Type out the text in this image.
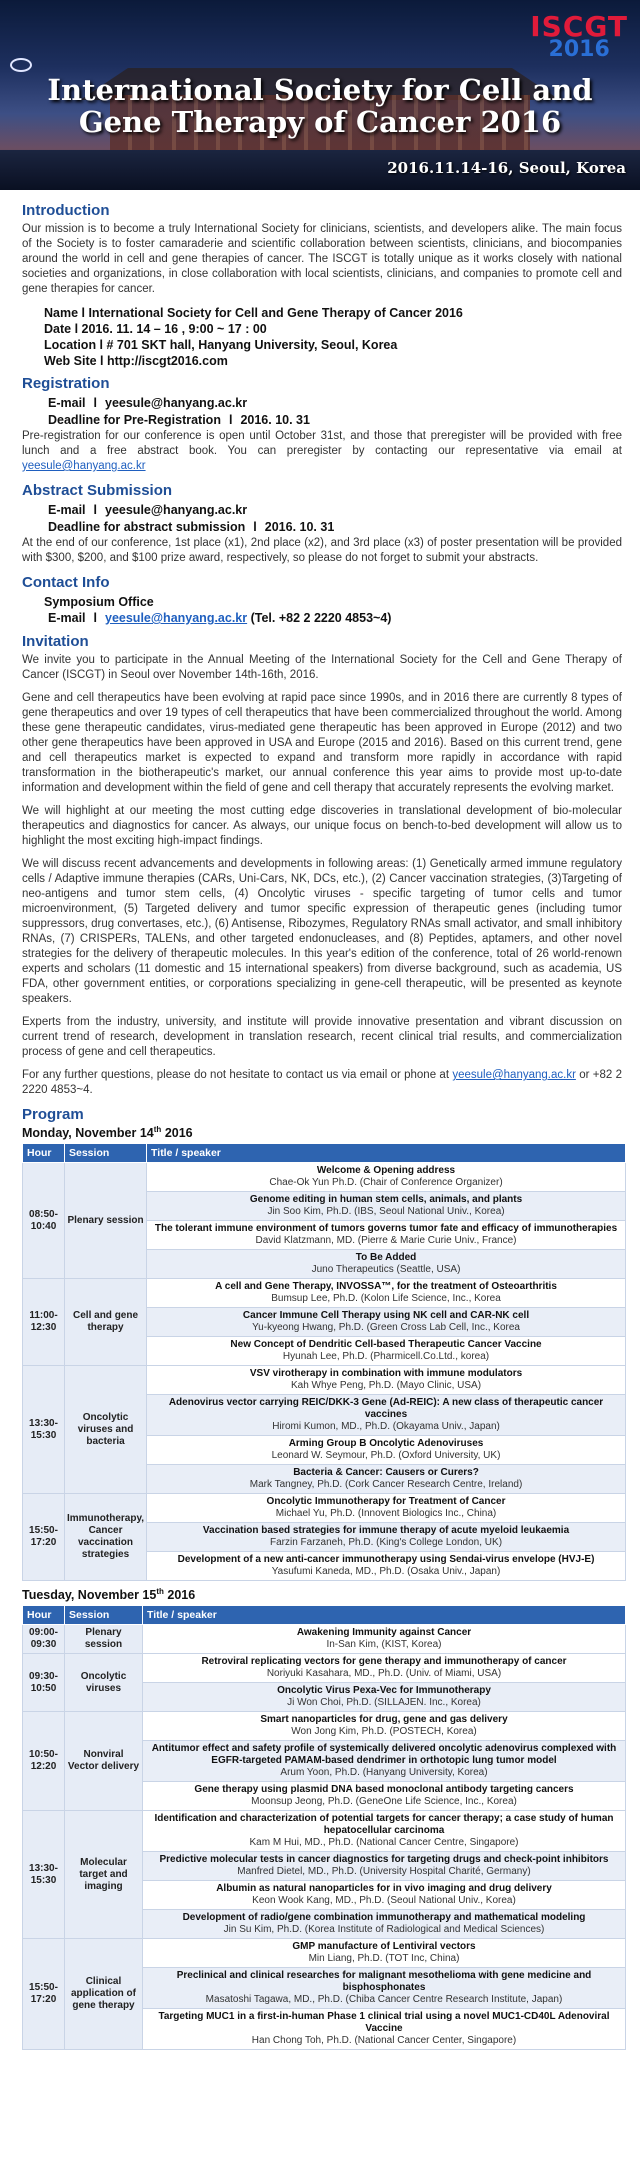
ISCGT
2016
International Society for Cell and
Gene Therapy of Cancer 2016
2016.11.14-16, Seoul, Korea
Introduction

Our mission is to become a truly International Society for clinicians, scientists, and developers alike. The main focus of the Society is to foster camaraderie and scientific collaboration between scientists, clinicians, and biocompanies around the world in cell and gene therapies of cancer. The ISCGT is totally unique as it works closely with national societies and organizations, in close collaboration with local scientists, clinicians, and companies to promote cell and gene therapies for cancer.

Name l International Society for Cell and Gene Therapy of Cancer 2016
Date l 2016. 11. 14 – 16 , 9:00 ~ 17 : 00
Location l # 701 SKT hall, Hanyang University, Seoul, Korea
Web Site l http://iscgt2016.com
Registration
E-mail l yeesule@hanyang.ac.kr
Deadline for Pre-Registration l 2016. 10. 31

Pre-registration for our conference is open until October 31st, and those that preregister will be provided with free lunch and a free abstract book. You can preregister by contacting our representative via email at yeesule@hanyang.ac.kr

Abstract Submission
E-mail l yeesule@hanyang.ac.kr
Deadline for abstract submission l 2016. 10. 31

At the end of our conference, 1st place (x1), 2nd place (x2), and 3rd place (x3) of poster presentation will be provided with $300, $200, and $100 prize award, respectively, so please do not forget to submit your abstracts.

Contact Info
Symposium Office
E-mail l yeesule@hanyang.ac.kr (Tel. +82 2 2220 4853~4)
Invitation

We invite you to participate in the Annual Meeting of the International Society for the Cell and Gene Therapy of Cancer (ISCGT) in Seoul over November 14th-16th, 2016.

Gene and cell therapeutics have been evolving at rapid pace since 1990s, and in 2016 there are currently 8 types of gene therapeutics and over 19 types of cell therapeutics that have been commercialized throughout the world. Among these gene therapeutic candidates, virus-mediated gene therapeutic has been approved in Europe (2012) and two other gene therapeutics have been approved in USA and Europe (2015 and 2016). Based on this current trend, gene and cell therapeutics market is expected to expand and transform more rapidly in accordance with rapid transformation in the biotherapeutic's market, our annual conference this year aims to provide most up-to-date information and development within the field of gene and cell therapy that accurately represents the evolving market.

We will highlight at our meeting the most cutting edge discoveries in translational development of bio-molecular therapeutics and diagnostics for cancer. As always, our unique focus on bench-to-bed development will allow us to highlight the most exciting high-impact findings.

We will discuss recent advancements and developments in following areas: (1) Genetically armed immune regulatory cells / Adaptive immune therapies (CARs, Uni-Cars, NK, DCs, etc.), (2) Cancer vaccination strategies, (3)Targeting of neo-antigens and tumor stem cells, (4) Oncolytic viruses - specific targeting of tumor cells and tumor microenvironment, (5) Targeted delivery and tumor specific expression of therapeutic genes (including tumor suppressors, drug convertases, etc.), (6) Antisense, Ribozymes, Regulatory RNAs small activator, and small inhibitory RNAs, (7) CRISPERs, TALENs, and other targeted endonucleases, and (8) Peptides, aptamers, and other novel strategies for the delivery of therapeutic molecules. In this year's edition of the conference, total of 26 world-renown experts and scholars (11 domestic and 15 international speakers) from diverse background, such as academia, US FDA, other government entities, or corporations specializing in gene-cell therapeutic, will be presented as keynote speakers.

Experts from the industry, university, and institute will provide innovative presentation and vibrant discussion on current trend of research, development in translation research, recent clinical trial results, and commercialization process of gene and cell therapeutics.

For any further questions, please do not hesitate to contact us via email or phone at yeesule@hanyang.ac.kr or +82 2 2220 4853~4.

Program
Monday, November 14th 2016
Hour	Session	Title / speaker
08:50-10:40	Plenary session	Welcome & Opening address
Chae-Ok Yun Ph.D. (Chair of Conference Organizer)

		Genome editing in human stem cells, animals, and plants
Jin Soo Kim, Ph.D. (IBS, Seoul National Univ., Korea)

		The tolerant immune environment of tumors governs tumor fate and efficacy of immunotherapies
David Klatzmann, MD. (Pierre & Marie Curie Univ., France)

		To Be Added
Juno Therapeutics (Seattle, USA)

11:00-12:30	Cell and gene therapy	A cell and Gene Therapy, INVOSSA™, for the treatment of Osteoarthritis
Bumsup Lee, Ph.D. (Kolon Life Science, Inc., Korea

		Cancer Immune Cell Therapy using NK cell and CAR-NK cell
Yu-kyeong Hwang, Ph.D. (Green Cross Lab Cell, Inc., Korea

		New Concept of Dendritic Cell-based Therapeutic Cancer Vaccine
Hyunah Lee, Ph.D. (Pharmicell.Co.Ltd., korea)

13:30-15:30	Oncolytic viruses and bacteria	VSV virotherapy in combination with immune modulators
Kah Whye Peng, Ph.D. (Mayo Clinic, USA)

		Adenovirus vector carrying REIC/DKK-3 Gene (Ad-REIC): A new class of therapeutic cancer vaccines
Hiromi Kumon, MD., Ph.D. (Okayama Univ., Japan)

		Arming Group B Oncolytic Adenoviruses
Leonard W. Seymour, Ph.D. (Oxford University, UK)

		Bacteria & Cancer: Causers or Curers?
Mark Tangney, Ph.D. (Cork Cancer Research Centre, Ireland)

15:50-17:20	Immunotherapy, Cancer vaccination strategies	Oncolytic Immunotherapy for Treatment of Cancer
Michael Yu, Ph.D. (Innovent Biologics Inc., China)

		Vaccination based strategies for immune therapy of acute myeloid leukaemia
Farzin Farzaneh, Ph.D. (King's College London, UK)

		Development of a new anti-cancer immunotherapy using Sendai-virus envelope (HVJ-E)
Yasufumi Kaneda, MD., Ph.D. (Osaka Univ., Japan)
Tuesday, November 15th 2016
Hour	Session	Title / speaker
09:00-09:30	Plenary session	Awakening Immunity against Cancer
In-San Kim, (KIST, Korea)

09:30-10:50	Oncolytic viruses	Retroviral replicating vectors for gene therapy and immunotherapy of cancer
Noriyuki Kasahara, MD., Ph.D. (Univ. of Miami, USA)

		Oncolytic Virus Pexa-Vec for Immunotherapy
Ji Won Choi, Ph.D. (SILLAJEN. Inc., Korea)

10:50-12:20	Nonviral Vector delivery	Smart nanoparticles for drug, gene and gas delivery
Won Jong Kim, Ph.D. (POSTECH, Korea)

		Antitumor effect and safety profile of systemically delivered oncolytic adenovirus complexed with EGFR-targeted PAMAM-based dendrimer in orthotopic lung tumor model
Arum Yoon, Ph.D. (Hanyang University, Korea)

		Gene therapy using plasmid DNA based monoclonal antibody targeting cancers
Moonsup Jeong, Ph.D. (GeneOne Life Science, Inc., Korea)

13:30-15:30	Molecular target and imaging	Identification and characterization of potential targets for cancer therapy; a case study of human hepatocellular carcinoma
Kam M Hui, MD., Ph.D. (National Cancer Centre, Singapore)

		Predictive molecular tests in cancer diagnostics for targeting drugs and check-point inhibitors
Manfred Dietel, MD., Ph.D. (University Hospital Charité, Germany)

		Albumin as natural nanoparticles for in vivo imaging and drug delivery
Keon Wook Kang, MD., Ph.D. (Seoul National Univ., Korea)

		Development of radio/gene combination immunotherapy and mathematical modeling
Jin Su Kim, Ph.D. (Korea Institute of Radiological and Medical Sciences)

15:50-17:20	Clinical application of gene therapy	GMP manufacture of Lentiviral vectors
Min Liang, Ph.D. (TOT Inc, China)

		Preclinical and clinical researches for malignant mesothelioma with gene medicine and bisphosphonates
Masatoshi Tagawa, MD., Ph.D. (Chiba Cancer Centre Research Institute, Japan)

		Targeting MUC1 in a first-in-human Phase 1 clinical trial using a novel MUC1-CD40L Adenoviral Vaccine
Han Chong Toh, Ph.D. (National Cancer Center, Singapore)
